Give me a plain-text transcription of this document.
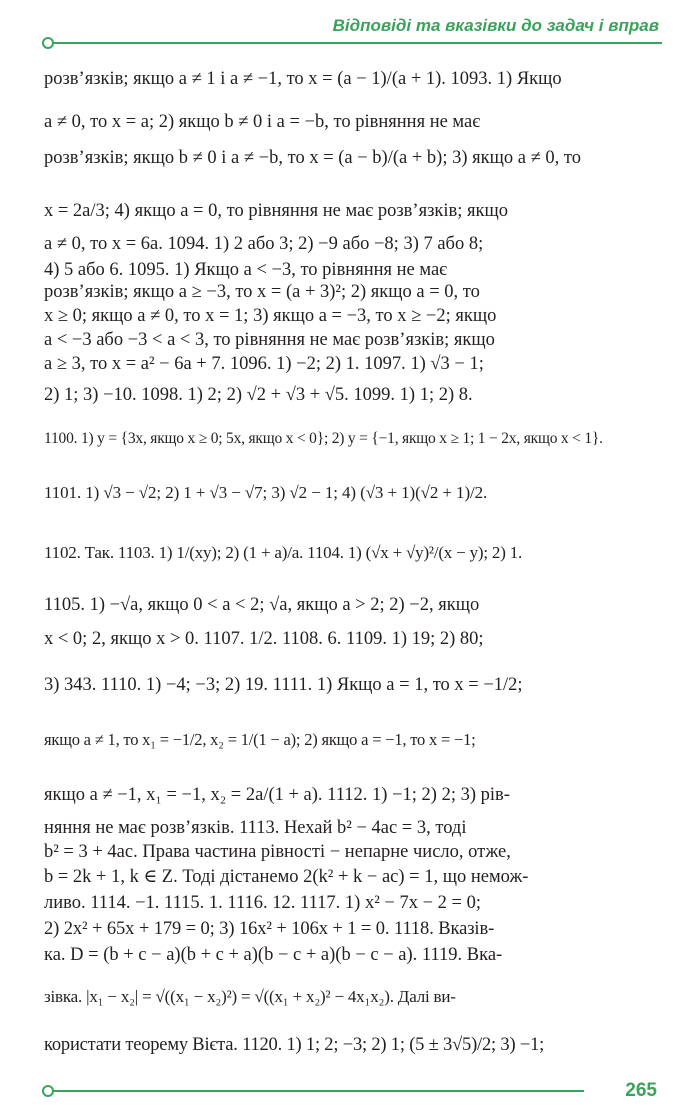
Відповіді та вказівки до задач і вправ
розв’язків; якщо a ≠ 1 і a ≠ −1, то x = (a − 1)/(a + 1). 1093. 1) Якщо
a ≠ 0, то x = a; 2) якщо b ≠ 0 і a = −b, то рівняння не має
розв’язків; якщо b ≠ 0 і a ≠ −b, то x = (a − b)/(a + b); 3) якщо a ≠ 0, то
x = 2a/3; 4) якщо a = 0, то рівняння не має розв’язків; якщо
a ≠ 0, то x = 6a. 1094. 1) 2 або 3; 2) −9 або −8; 3) 7 або 8;
4) 5 або 6. 1095. 1) Якщо a < −3, то рівняння не має
розв’язків; якщо a ≥ −3, то x = (a + 3)²; 2) якщо a = 0, то
x ≥ 0; якщо a ≠ 0, то x = 1; 3) якщо a = −3, то x ≥ −2; якщо
a < −3 або −3 < a < 3, то рівняння не має розв’язків; якщо
a ≥ 3, то x = a² − 6a + 7. 1096. 1) −2; 2) 1. 1097. 1) √3 − 1;
2) 1; 3) −10. 1098. 1) 2; 2) √2 + √3 + √5. 1099. 1) 1; 2) 8.
1100. 1) y = {3x, якщо x ≥ 0; 5x, якщо x < 0}; 2) y = {−1, якщо x ≥ 1; 1 − 2x, якщо x < 1}.
1101. 1) √3 − √2; 2) 1 + √3 − √7; 3) √2 − 1; 4) (√3 + 1)(√2 + 1)/2.
1102. Так. 1103. 1) 1/(xy); 2) (1 + a)/a. 1104. 1) (√x + √y)²/(x − y); 2) 1.
1105. 1) −√a, якщо 0 < a < 2; √a, якщо a > 2; 2) −2, якщо
x < 0; 2, якщо x > 0. 1107. 1/2. 1108. 6. 1109. 1) 19; 2) 80;
3) 343. 1110. 1) −4; −3; 2) 19. 1111. 1) Якщо a = 1, то x = −1/2;
якщо a ≠ 1, то x₁ = −1/2, x₂ = 1/(1 − a); 2) якщо a = −1, то x = −1;
якщо a ≠ −1, x₁ = −1, x₂ = 2a/(1 + a). 1112. 1) −1; 2) 2; 3) рів-
няння не має розв’язків. 1113. Нехай b² − 4ac = 3, тоді
b² = 3 + 4ac. Права частина рівності − непарне число, отже,
b = 2k + 1, k ∈ Z. Тоді дістанемо 2(k² + k − ac) = 1, що немож-
ливо. 1114. −1. 1115. 1. 1116. 12. 1117. 1) x² − 7x − 2 = 0;
2) 2x² + 65x + 179 = 0; 3) 16x² + 106x + 1 = 0. 1118. Вказів-
ка. D = (b + c − a)(b + c + a)(b − c + a)(b − c − a). 1119. Вка-
зівка. |x₁ − x₂| = √((x₁ − x₂)²) = √((x₁ + x₂)² − 4x₁x₂). Далі ви-
користати теорему Вієта. 1120. 1) 1; 2; −3; 2) 1; (5 ± 3√5)/2; 3) −1;
265
